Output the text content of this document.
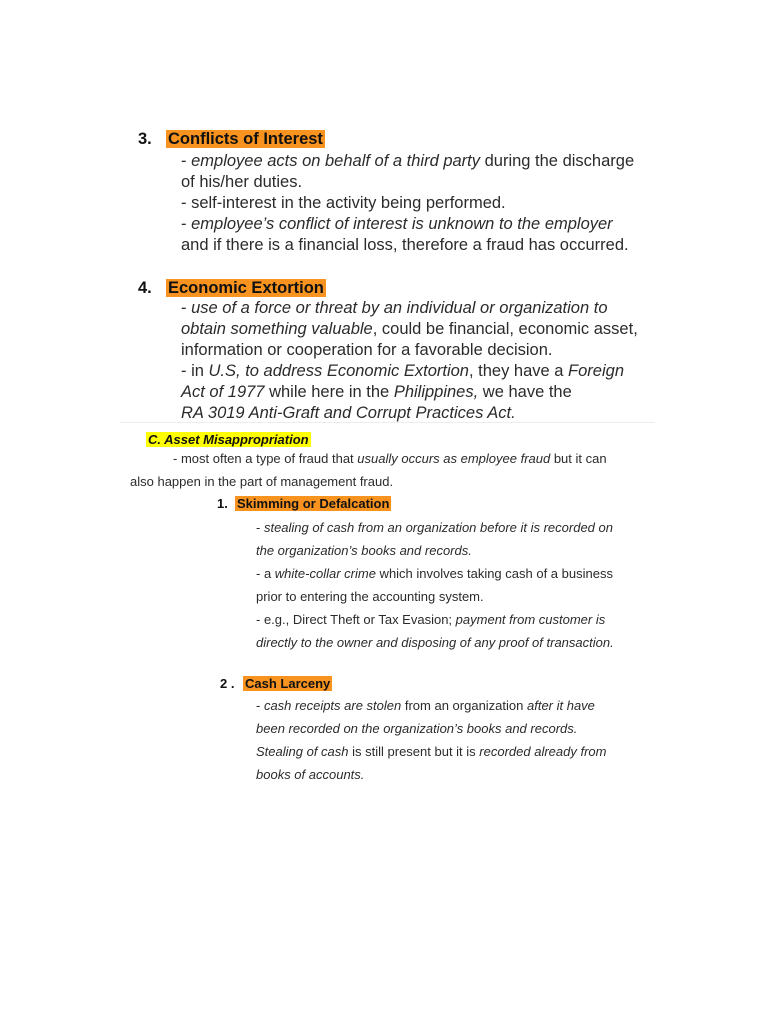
3. Conflicts of Interest
- employee acts on behalf of a third party during the discharge
of his/her duties.
- self-interest in the activity being performed.
- employee’s conflict of interest is unknown to the employer
and if there is a financial loss, therefore a fraud has occurred.
4. Economic Extortion
- use of a force or threat by an individual or organization to
obtain something valuable, could be financial, economic asset,
information or cooperation for a favorable decision.
- in U.S, to address Economic Extortion, they have a Foreign
Act of 1977 while here in the Philippines, we have the
RA 3019 Anti-Graft and Corrupt Practices Act.
C. Asset Misappropriation
- most often a type of fraud that usually occurs as employee fraud but it can
also happen in the part of management fraud.
1. Skimming or Defalcation
- stealing of cash from an organization before it is recorded on
the organization’s books and records.
- a white-collar crime which involves taking cash of a business
prior to entering the accounting system.
- e.g., Direct Theft or Tax Evasion; payment from customer is
directly to the owner and disposing of any proof of transaction.
2 . Cash Larceny
- cash receipts are stolen from an organization after it have
been recorded on the organization’s books and records.
Stealing of cash is still present but it is recorded already from
books of accounts.
